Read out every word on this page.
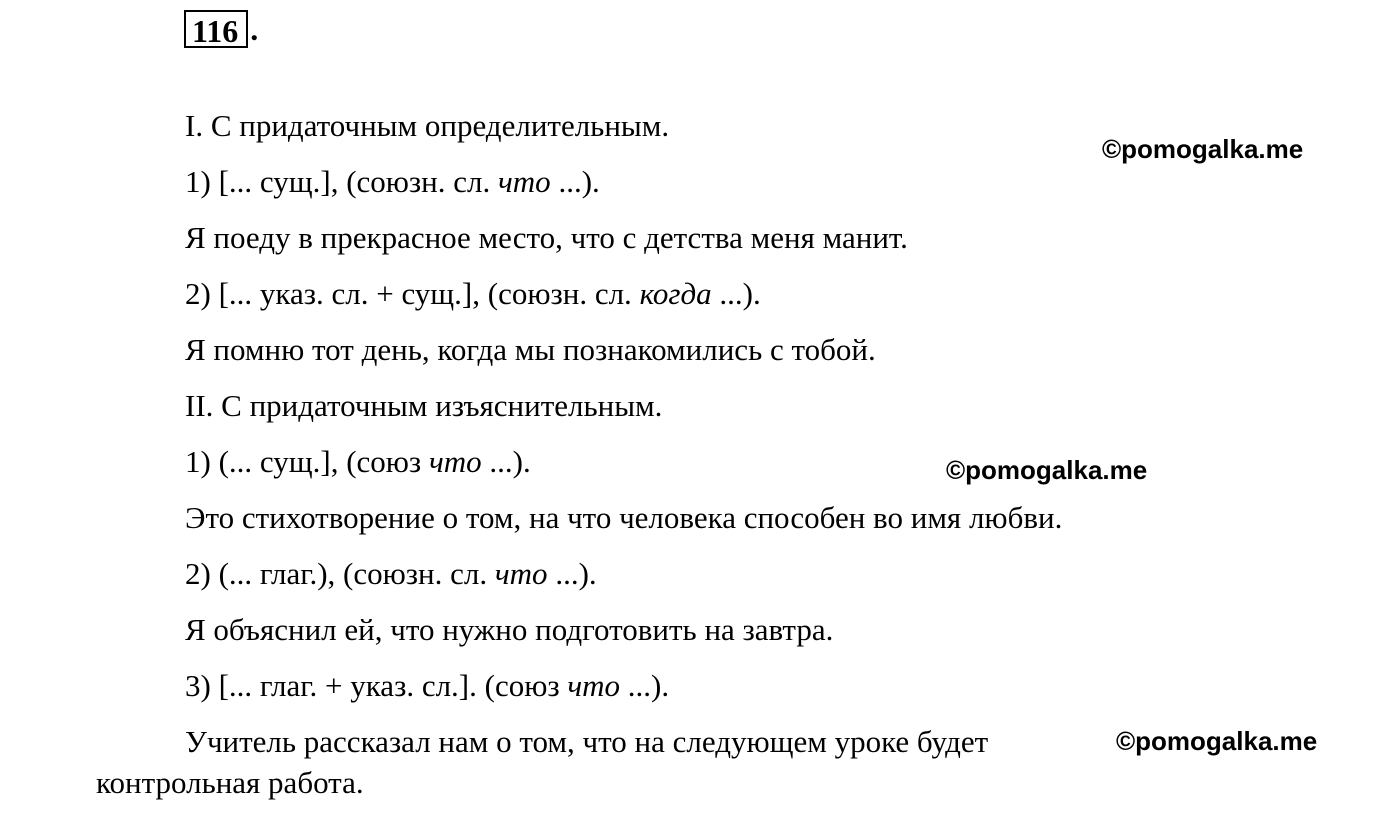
116 .
I. С придаточным определительным.
1) [... сущ.], (союзн. сл. что ...).
Я поеду в прекрасное место, что с детства меня манит.
2) [... указ. сл. + сущ.], (союзн. сл. когда ...).
Я помню тот день, когда мы познакомились с тобой.
II. С придаточным изъяснительным.
1) (... сущ.], (союз что ...).
Это стихотворение о том, на что человека способен во имя любви.
2) (... глаг.), (союзн. сл. что ...).
Я объяснил ей, что нужно подготовить на завтра.
3) [... глаг. + указ. сл.]. (союз что ...).
Учитель рассказал нам о том, что на следующем уроке будет
контрольная работа.
©pomogalka.me
©pomogalka.me
©pomogalka.me
